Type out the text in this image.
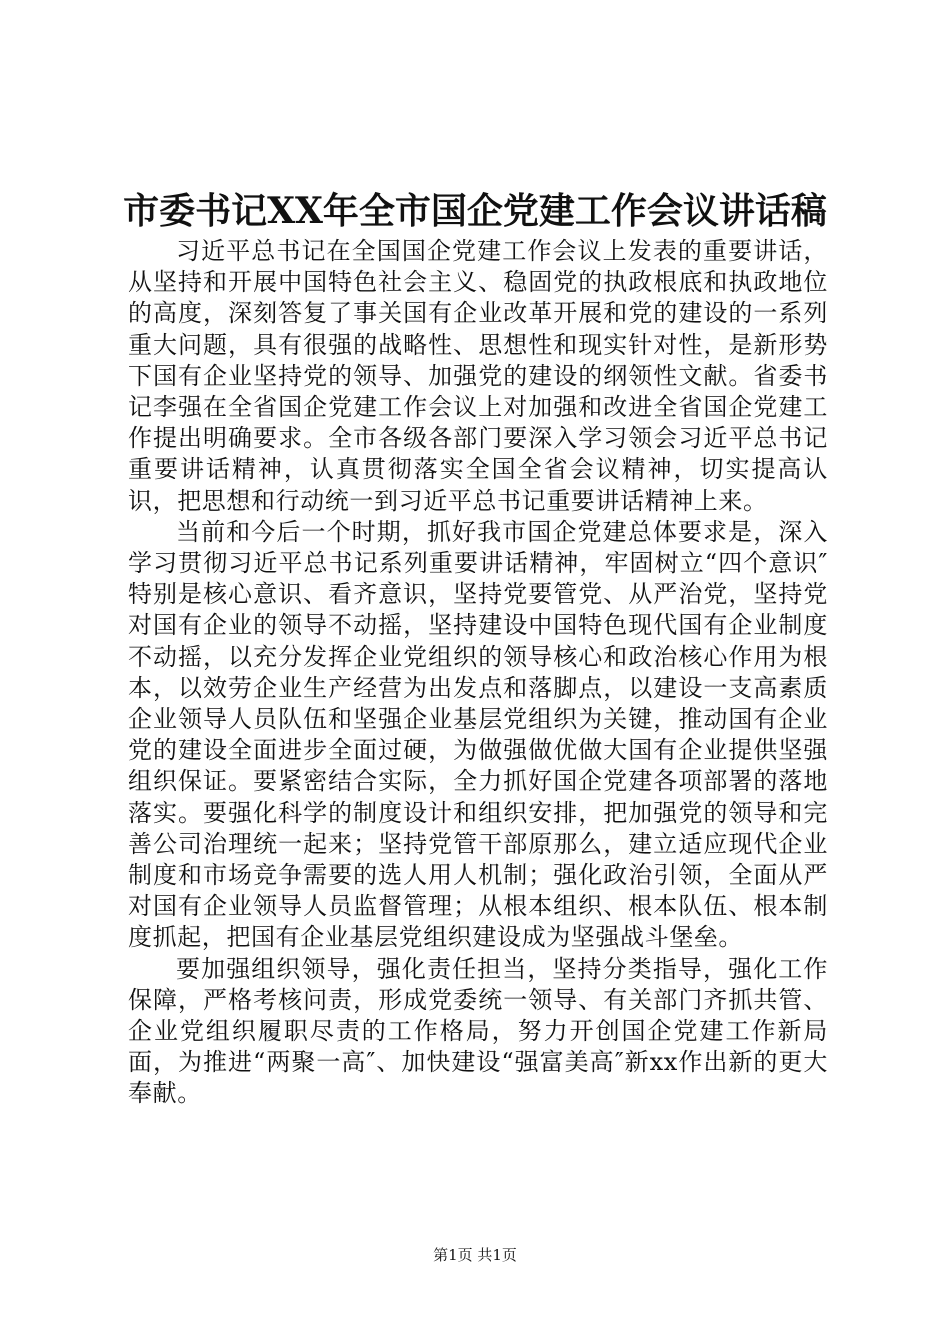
市委书记XX年全市国企党建工作会议讲话稿

习近平总书记在全国国企党建工作会议上发表的重要讲话，从坚持和开展中国特色社会主义、稳固党的执政根底和执政地位的高度，深刻答复了事关国有企业改革开展和党的建设的一系列重大问题，具有很强的战略性、思想性和现实针对性，是新形势下国有企业坚持党的领导、加强党的建设的纲领性文献。省委书记李强在全省国企党建工作会议上对加强和改进全省国企党建工作提出明确要求。全市各级各部门要深入学习领会习近平总书记重要讲话精神，认真贯彻落实全国全省会议精神，切实提高认识，把思想和行动统一到习近平总书记重要讲话精神上来。

当前和今后一个时期，抓好我市国企党建总体要求是，深入学习贯彻习近平总书记系列重要讲话精神，牢固树立“四个意识″特别是核心意识、看齐意识，坚持党要管党、从严治党，坚持党对国有企业的领导不动摇，坚持建设中国特色现代国有企业制度不动摇，以充分发挥企业党组织的领导核心和政治核心作用为根本，以效劳企业生产经营为出发点和落脚点，以建设一支高素质企业领导人员队伍和坚强企业基层党组织为关键，推动国有企业党的建设全面进步全面过硬，为做强做优做大国有企业提供坚强组织保证。要紧密结合实际，全力抓好国企党建各项部署的落地落实。要强化科学的制度设计和组织安排，把加强党的领导和完善公司治理统一起来；坚持党管干部原那么，建立适应现代企业制度和市场竞争需要的选人用人机制；强化政治引领，全面从严对国有企业领导人员监督管理；从根本组织、根本队伍、根本制度抓起，把国有企业基层党组织建设成为坚强战斗堡垒。

要加强组织领导，强化责任担当，坚持分类指导，强化工作保障，严格考核问责，形成党委统一领导、有关部门齐抓共管、企业党组织履职尽责的工作格局，努力开创国企党建工作新局面，为推进“两聚一高″、加快建设“强富美高″新xx作出新的更大奉献。

第1页 共1页
